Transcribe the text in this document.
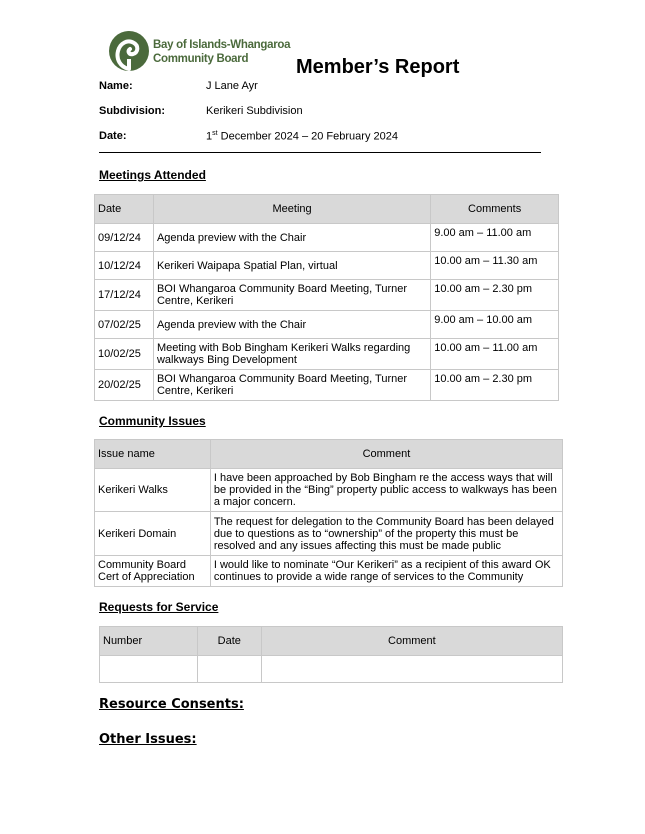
Bay of Islands-Whangaroa
Community Board Member’s Report
Name:	J Lane Ayr
Subdivision:	Kerikeri Subdivision
Date:	1st December 2024 – 20 February 2024
Meetings Attended
Date	Meeting	Comments
09/12/24	Agenda preview with the Chair	9.00 am – 11.00 am
10/12/24	Kerikeri Waipapa Spatial Plan, virtual	10.00 am – 11.30 am
17/12/24	BOI Whangaroa Community Board Meeting, Turner Centre, Kerikeri	10.00 am – 2.30 pm
07/02/25	Agenda preview with the Chair	9.00 am – 10.00 am
10/02/25	Meeting with Bob Bingham Kerikeri Walks regarding walkways Bing Development	10.00 am – 11.00 am
20/02/25	BOI Whangaroa Community Board Meeting, Turner Centre, Kerikeri	10.00 am – 2.30 pm
Community Issues
Issue name	Comment
Kerikeri Walks	I have been approached by Bob Bingham re the access ways that will be provided in the “Bing” property public access to walkways has been a major concern.
Kerikeri Domain	The request for delegation to the Community Board has been delayed due to questions as to “ownership” of the property this must be resolved and any issues affecting this must be made public
Community Board Cert of Appreciation	I would like to nominate “Our Kerikeri” as a recipient of this award OK continues to provide a wide range of services to the Community
Requests for Service
Number	Date	Comment

Resource Consents:
Other Issues:
